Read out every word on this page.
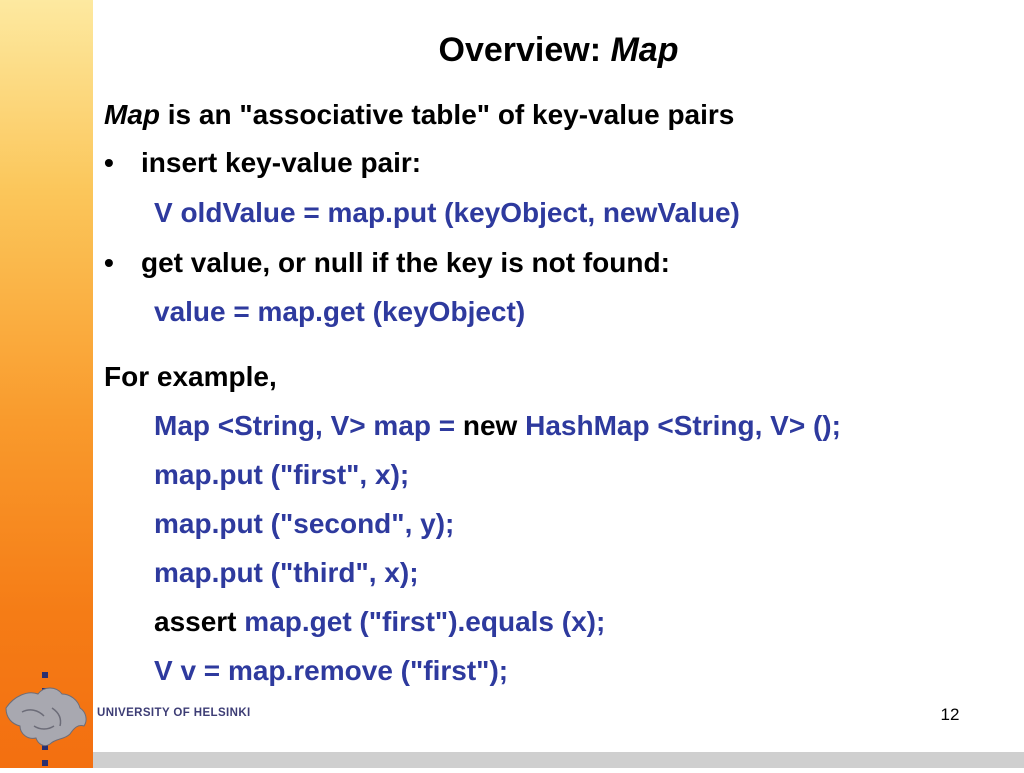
Overview: Map
Map is an "associative table" of key-value pairs
• insert key-value pair:
V oldValue = map.put (keyObject, newValue)
• get value, or null if the key is not found:
value = map.get (keyObject)
For example,
Map <String, V> map = new HashMap <String, V> ();
map.put ("first", x);
map.put ("second", y);
map.put ("third", x);
assert map.get ("first").equals (x);
V v = map.remove ("first");
UNIVERSITY OF HELSINKI	12
